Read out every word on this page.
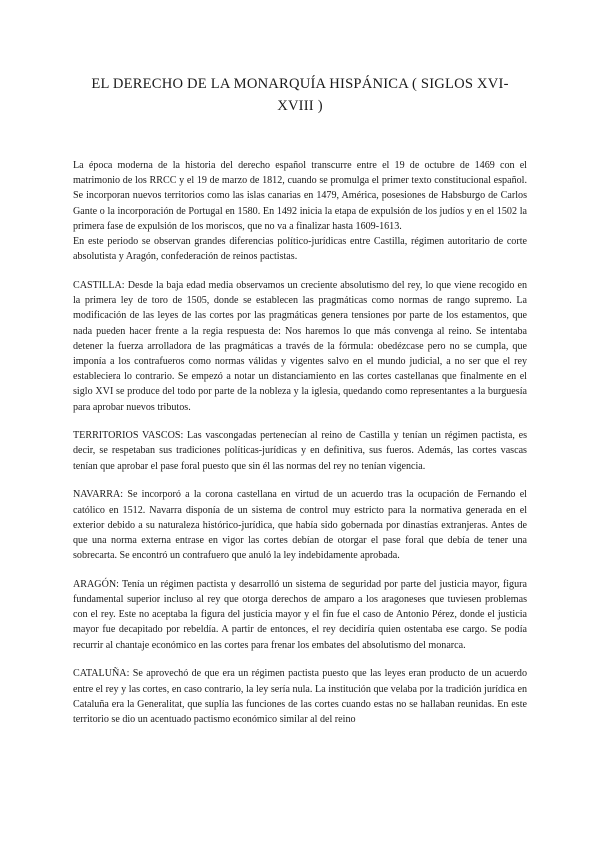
EL DERECHO DE LA MONARQUÍA HISPÁNICA ( SIGLOS XVI-XVIII )

La época moderna de la historia del derecho español transcurre entre el 19 de octubre de 1469 con el matrimonio de los RRCC y el 19 de marzo de 1812, cuando se promulga el primer texto constitucional español. Se incorporan nuevos territorios como las islas canarias en 1479, América, posesiones de Habsburgo de Carlos Gante o la incorporación de Portugal en 1580. En 1492 inicia la etapa de expulsión de los judíos y en el 1502 la primera fase de expulsión de los moriscos, que no va a finalizar hasta 1609-1613.

En este periodo se observan grandes diferencias político-jurídicas entre Castilla, régimen autoritario de corte absolutista y Aragón, confederación de reinos pactistas.

CASTILLA: Desde la baja edad media observamos un creciente absolutismo del rey, lo que viene recogido en la primera ley de toro de 1505, donde se establecen las pragmáticas como normas de rango supremo. La modificación de las leyes de las cortes por las pragmáticas genera tensiones por parte de los estamentos, que nada pueden hacer frente a la regia respuesta de: Nos haremos lo que más convenga al reino. Se intentaba detener la fuerza arrolladora de las pragmáticas a través de la fórmula: obedézcase pero no se cumpla, que imponía a los contrafueros como normas válidas y vigentes salvo en el mundo judicial, a no ser que el rey estableciera lo contrario. Se empezó a notar un distanciamiento en las cortes castellanas que finalmente en el siglo XVI se produce del todo por parte de la nobleza y la iglesia, quedando como representantes a la burguesía para aprobar nuevos tributos.

TERRITORIOS VASCOS: Las vascongadas pertenecían al reino de Castilla y tenían un régimen pactista, es decir, se respetaban sus tradiciones políticas-jurídicas y en definitiva, sus fueros. Además, las cortes vascas tenían que aprobar el pase foral puesto que sin él las normas del rey no tenían vigencia.

NAVARRA: Se incorporó a la corona castellana en virtud de un acuerdo tras la ocupación de Fernando el católico en 1512. Navarra disponía de un sistema de control muy estricto para la normativa generada en el exterior debido a su naturaleza histórico-jurídica, que había sido gobernada por dinastías extranjeras. Antes de que una norma externa entrase en vigor las cortes debían de otorgar el pase foral que debía de tener una sobrecarta. Se encontró un contrafuero que anuló la ley indebidamente aprobada.

ARAGÓN: Tenía un régimen pactista y desarrolló un sistema de seguridad por parte del justicia mayor, figura fundamental superior incluso al rey que otorga derechos de amparo a los aragoneses que tuviesen problemas con el rey. Este no aceptaba la figura del justicia mayor y el fin fue el caso de Antonio Pérez, donde el justicia mayor fue decapitado por rebeldía. A partir de entonces, el rey decidiría quien ostentaba ese cargo. Se podía recurrir al chantaje económico en las cortes para frenar los embates del absolutismo del monarca.

CATALUÑA: Se aprovechó de que era un régimen pactista puesto que las leyes eran producto de un acuerdo entre el rey y las cortes, en caso contrario, la ley sería nula. La institución que velaba por la tradición jurídica en Cataluña era la Generalitat, que suplía las funciones de las cortes cuando estas no se hallaban reunidas. En este territorio se dio un acentuado pactismo económico similar al del reino
